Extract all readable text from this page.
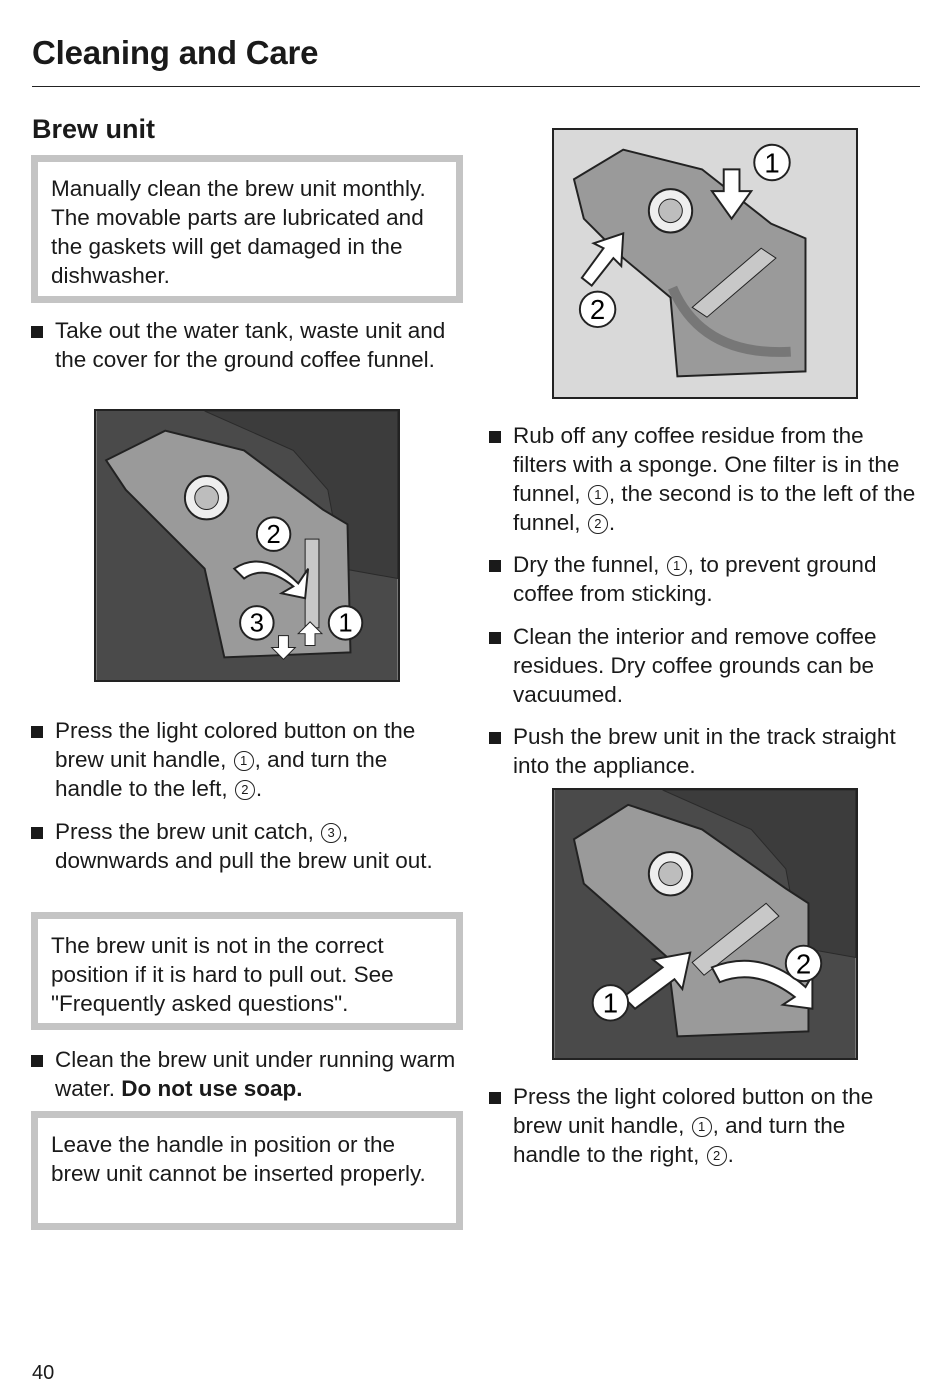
Cleaning and Care
Brew unit
Manually clean the brew unit monthly. The movable parts are lubricated and the gaskets will get damaged in the dishwasher.
Take out the water tank, waste unit and the cover for the ground coffee funnel.
2
3	1
Press the light colored button on the brew unit handle, 1 , and turn the handle to the left, 2 .
Press the brew unit catch, 3 , downwards and pull the brew unit out.
The brew unit is not in the correct position if it is hard to pull out. See "Frequently asked questions".
Clean the brew unit under running warm water. Do not use soap.
Leave the handle in position or the brew unit cannot be inserted properly.
1
2
Rub off any coffee residue from the filters with a sponge. One filter is in the funnel, 1 , the second is to the left of the funnel, 2 .
Dry the funnel, 1 , to prevent ground coffee from sticking.
Clean the interior and remove coffee residues. Dry coffee grounds can be vacuumed.
Push the brew unit in the track straight into the appliance.
2
1
Press the light colored button on the brew unit handle, 1 , and turn the handle to the right, 2 .
40
